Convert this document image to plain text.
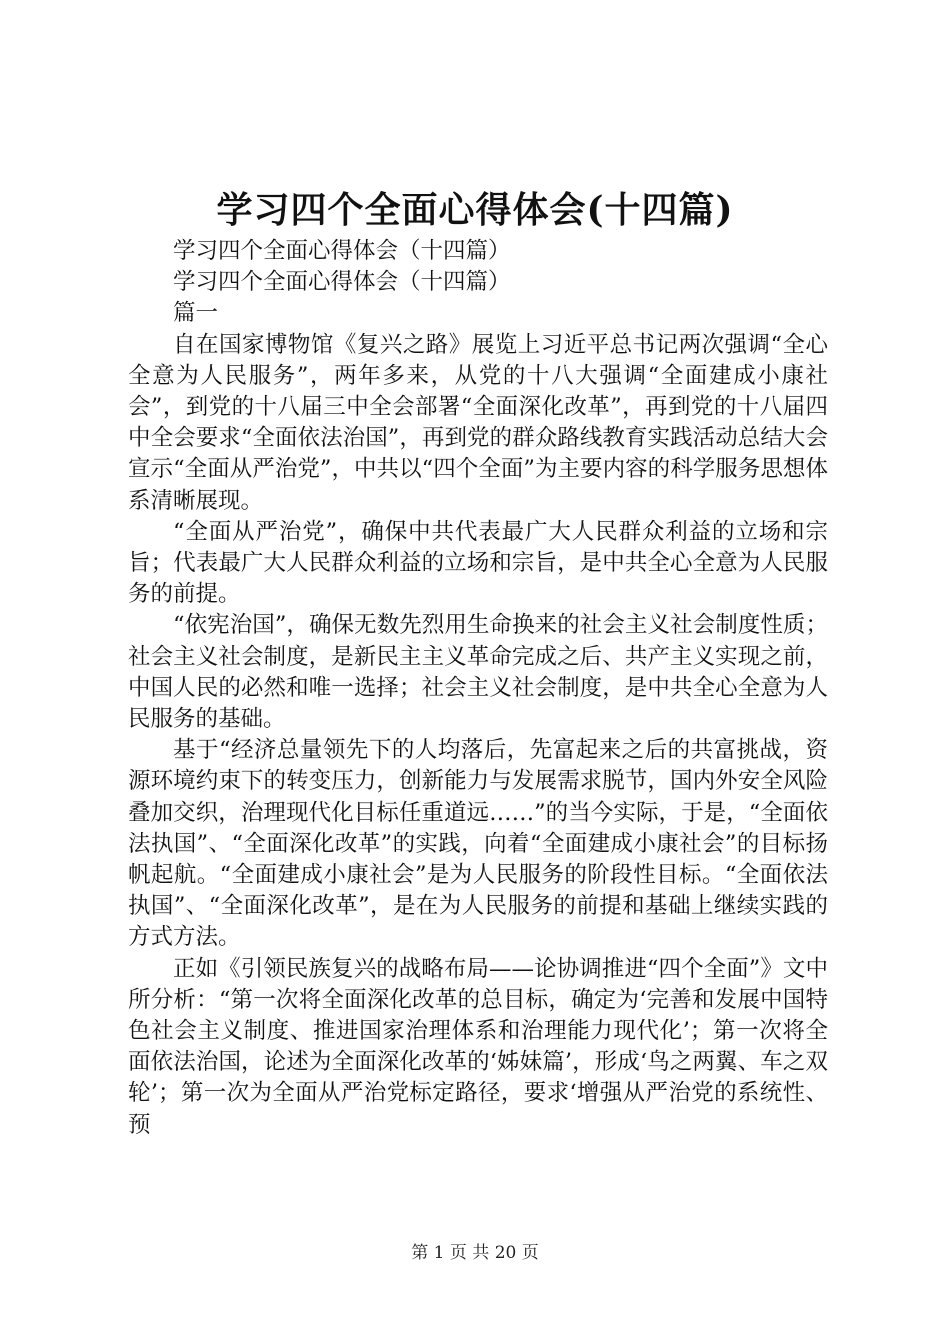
学习四个全面心得体会(十四篇)

学习四个全面心得体会（十四篇）

学习四个全面心得体会（十四篇）

篇一

自在国家博物馆《复兴之路》展览上习近平总书记两次强调“全心全意为人民服务”，两年多来，从党的十八大强调“全面建成小康社会”，到党的十八届三中全会部署“全面深化改革”，再到党的十八届四中全会要求“全面依法治国”，再到党的群众路线教育实践活动总结大会宣示“全面从严治党”，中共以“四个全面”为主要内容的科学服务思想体系清晰展现。

“全面从严治党”，确保中共代表最广大人民群众利益的立场和宗旨；代表最广大人民群众利益的立场和宗旨，是中共全心全意为人民服务的前提。

“依宪治国”，确保无数先烈用生命换来的社会主义社会制度性质；社会主义社会制度，是新民主主义革命完成之后、共产主义实现之前，中国人民的必然和唯一选择；社会主义社会制度，是中共全心全意为人民服务的基础。

基于“经济总量领先下的人均落后，先富起来之后的共富挑战，资源环境约束下的转变压力，创新能力与发展需求脱节，国内外安全风险叠加交织，治理现代化目标任重道远……”的当今实际，于是，“全面依法执国”、“全面深化改革”的实践，向着“全面建成小康社会”的目标扬帆起航。“全面建成小康社会”是为人民服务的阶段性目标。“全面依法执国”、“全面深化改革”，是在为人民服务的前提和基础上继续实践的方式方法。

正如《引领民族复兴的战略布局——论协调推进“四个全面”》文中所分析：“第一次将全面深化改革的总目标，确定为‘完善和发展中国特色社会主义制度、推进国家治理体系和治理能力现代化’；第一次将全面依法治国，论述为全面深化改革的‘姊妹篇’，形成‘鸟之两翼、车之双轮’；第一次为全面从严治党标定路径，要求‘增强从严治党的系统性、预

第 1 页 共 20 页
